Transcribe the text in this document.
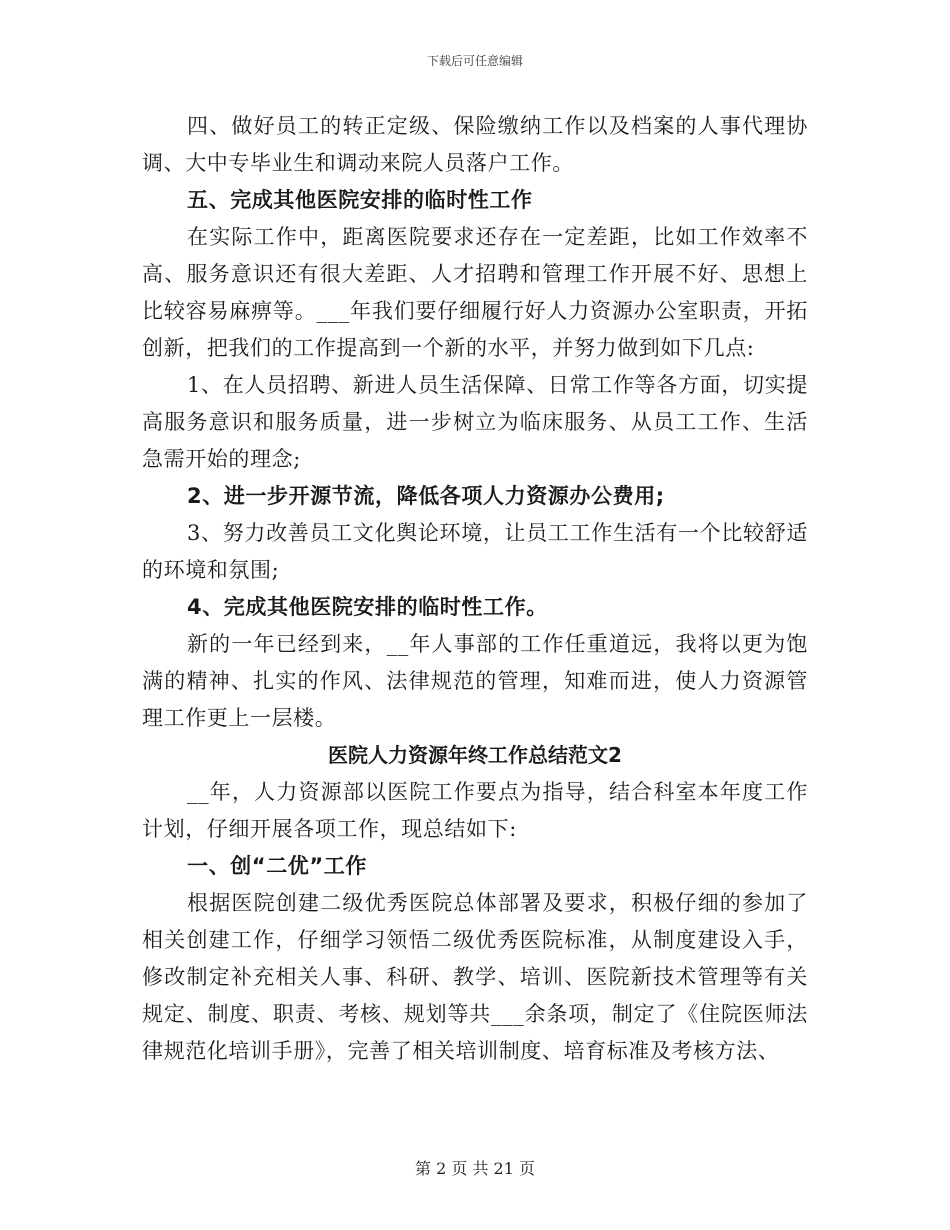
下载后可任意编辑

四、做好员工的转正定级、保险缴纳工作以及档案的人事代理协调、大中专毕业生和调动来院人员落户工作。

五、完成其他医院安排的临时性工作

在实际工作中，距离医院要求还存在一定差距，比如工作效率不高、服务意识还有很大差距、人才招聘和管理工作开展不好、思想上比较容易麻痹等。___年我们要仔细履行好人力资源办公室职责，开拓创新，把我们的工作提高到一个新的水平，并努力做到如下几点:

1、在人员招聘、新进人员生活保障、日常工作等各方面，切实提高服务意识和服务质量，进一步树立为临床服务、从员工工作、生活急需开始的理念;

2、进一步开源节流，降低各项人力资源办公费用;

3、努力改善员工文化舆论环境，让员工工作生活有一个比较舒适的环境和氛围;

4、完成其他医院安排的临时性工作。

新的一年已经到来，__年人事部的工作任重道远，我将以更为饱满的精神、扎实的作风、法律规范的管理，知难而进，使人力资源管理工作更上一层楼。

医院人力资源年终工作总结范文2

__年，人力资源部以医院工作要点为指导，结合科室本年度工作计划，仔细开展各项工作，现总结如下:

一、创“二优”工作

根据医院创建二级优秀医院总体部署及要求，积极仔细的参加了相关创建工作，仔细学习领悟二级优秀医院标准，从制度建设入手，修改制定补充相关人事、科研、教学、培训、医院新技术管理等有关规定、制度、职责、考核、规划等共___余条项，制定了《住院医师法律规范化培训手册》，完善了相关培训制度、培育标准及考核方法、

第 2 页 共 21 页
